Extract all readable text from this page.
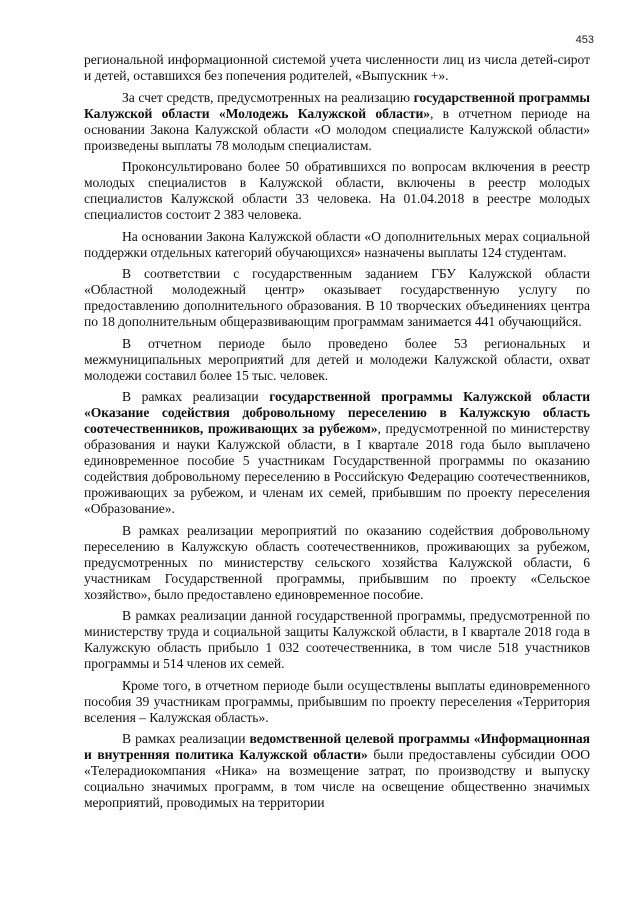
453

региональной информационной системой учета численности лиц из числа детей-сирот и детей, оставшихся без попечения родителей, «Выпускник +».

За счет средств, предусмотренных на реализацию государственной программы Калужской области «Молодежь Калужской области», в отчетном периоде на основании Закона Калужской области «О молодом специалисте Калужской области» произведены выплаты 78 молодым специалистам.

Проконсультировано более 50 обратившихся по вопросам включения в реестр молодых специалистов в Калужской области, включены в реестр молодых специалистов Калужской области 33 человека. На 01.04.2018 в реестре молодых специалистов состоит 2 383 человека.

На основании Закона Калужской области «О дополнительных мерах социальной поддержки отдельных категорий обучающихся» назначены выплаты 124 студентам.

В соответствии с государственным заданием ГБУ Калужской области «Областной молодежный центр» оказывает государственную услугу по предоставлению дополнительного образования. В 10 творческих объединениях центра по 18 дополнительным общеразвивающим программам занимается 441 обучающийся.

В отчетном периоде было проведено более 53 региональных и межмуниципальных мероприятий для детей и молодежи Калужской области, охват молодежи составил более 15 тыс. человек.

В рамках реализации государственной программы Калужской области «Оказание содействия добровольному переселению в Калужскую область соотечественников, проживающих за рубежом», предусмотренной по министерству образования и науки Калужской области, в I квартале 2018 года было выплачено единовременное пособие 5 участникам Государственной программы по оказанию содействия добровольному переселению в Российскую Федерацию соотечественников, проживающих за рубежом, и членам их семей, прибывшим по проекту переселения «Образование».

В рамках реализации мероприятий по оказанию содействия добровольному переселению в Калужскую область соотечественников, проживающих за рубежом, предусмотренных по министерству сельского хозяйства Калужской области, 6 участникам Государственной программы, прибывшим по проекту «Сельское хозяйство», было предоставлено единовременное пособие.

В рамках реализации данной государственной программы, предусмотренной по министерству труда и социальной защиты Калужской области, в I квартале 2018 года в Калужскую область прибыло 1 032 соотечественника, в том числе 518 участников программы и 514 членов их семей.

Кроме того, в отчетном периоде были осуществлены выплаты единовременного пособия 39 участникам программы, прибывшим по проекту переселения «Территория вселения – Калужская область».

В рамках реализации ведомственной целевой программы «Информационная и внутренняя политика Калужской области» были предоставлены субсидии ООО «Телерадиокомпания «Ника» на возмещение затрат, по производству и выпуску социально значимых программ, в том числе на освещение общественно значимых мероприятий, проводимых на территории
